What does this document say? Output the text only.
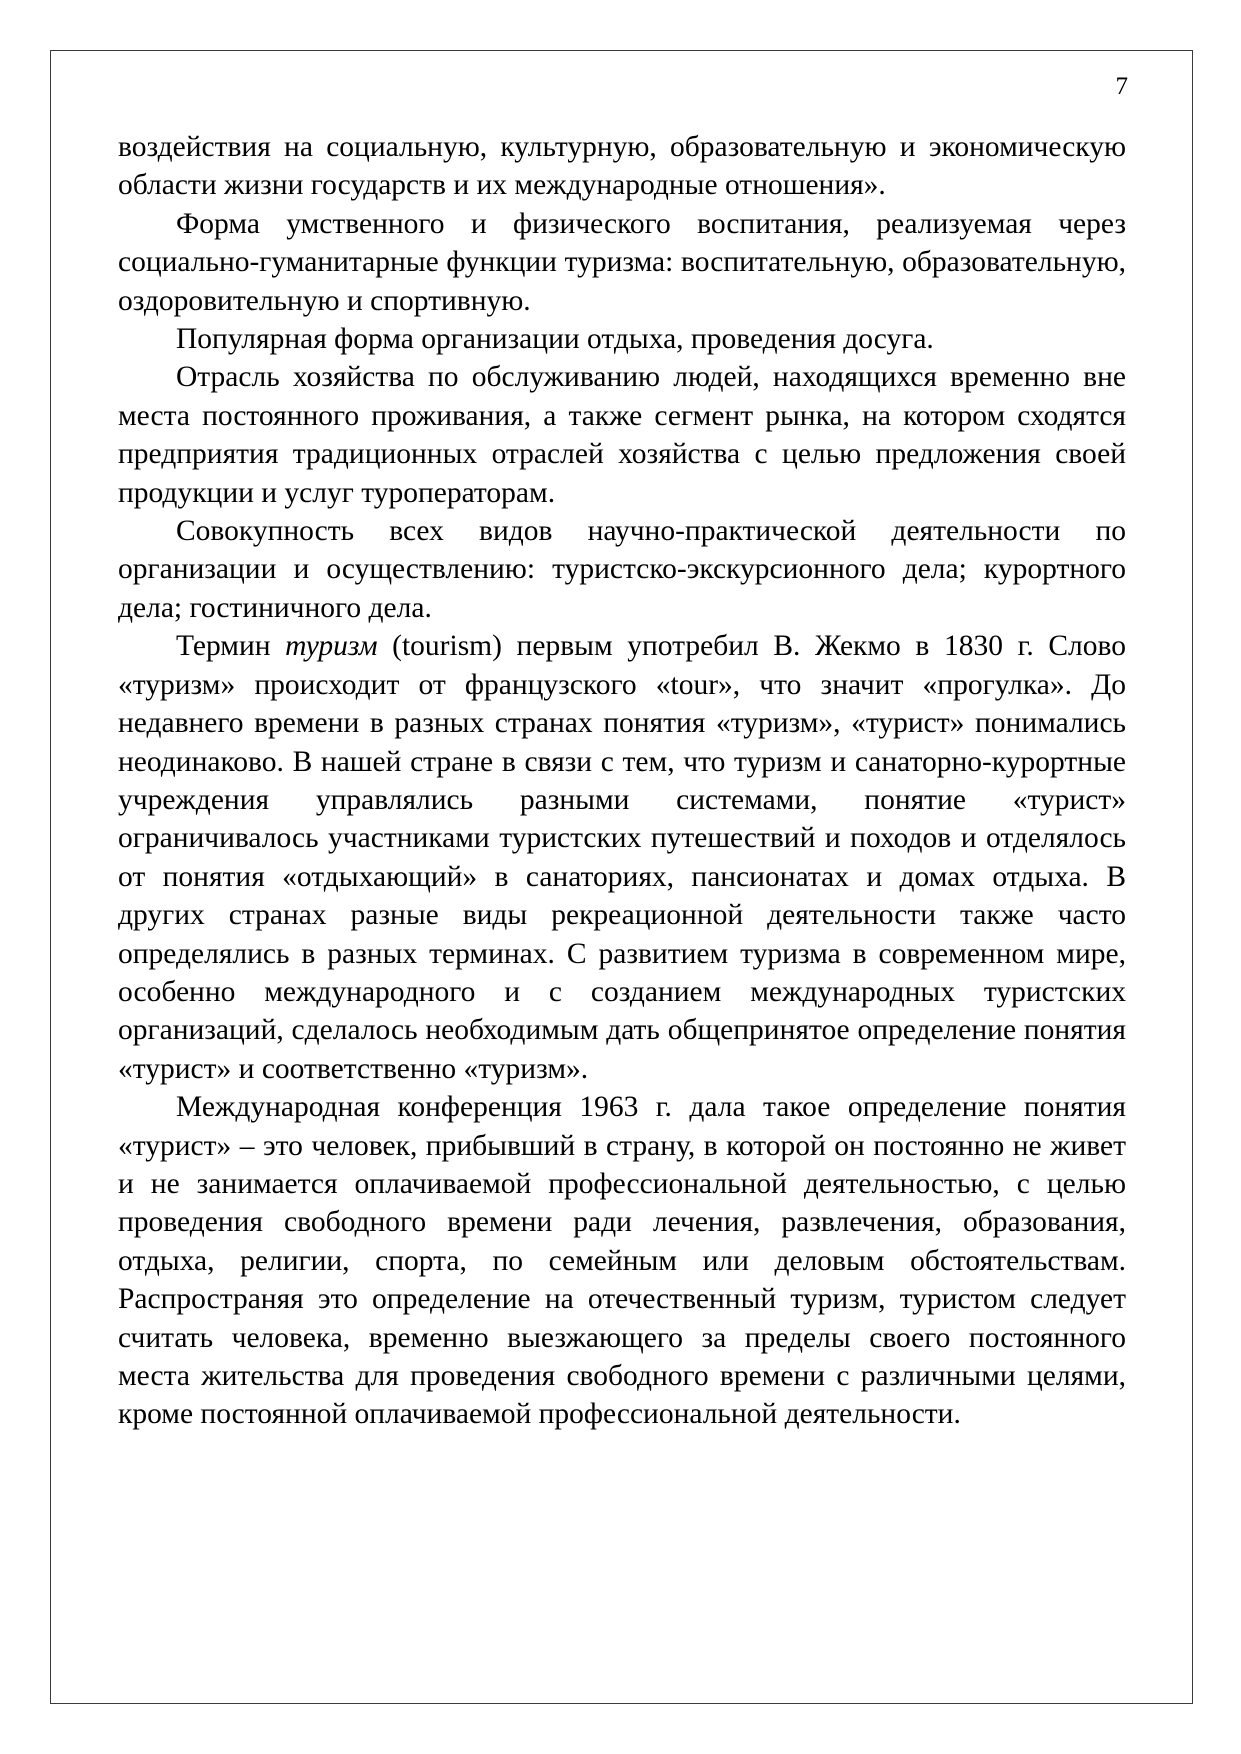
7

воздействия на социальную, культурную, образовательную и экономическую области жизни государств и их международные отношения».

Форма умственного и физического воспитания, реализуемая через социально-гуманитарные функции туризма: воспитательную, образовательную, оздоровительную и спортивную.

Популярная форма организации отдыха, проведения досуга.

Отрасль хозяйства по обслуживанию людей, находящихся временно вне места постоянного проживания, а также сегмент рынка, на котором сходятся предприятия традиционных отраслей хозяйства с целью предложения своей продукции и услуг туроператорам.

Совокупность всех видов научно-практической деятельности по организации и осуществлению: туристско-экскурсионного дела; курортного дела; гостиничного дела.

Термин туризм (tourism) первым употребил В. Жекмо в 1830 г. Слово «туризм» происходит от французского «tour», что значит «прогулка». До недавнего времени в разных странах понятия «туризм», «турист» понимались неодинаково. В нашей стране в связи с тем, что туризм и санаторно-курортные учреждения управлялись разными системами, понятие «турист» ограничивалось участниками туристских путешествий и походов и отделялось от понятия «отдыхающий» в санаториях, пансионатах и домах отдыха. В других странах разные виды рекреационной деятельности также часто определялись в разных терминах. С развитием туризма в современном мире, особенно международного и с созданием международных туристских организаций, сделалось необходимым дать общепринятое определение понятия «турист» и соответственно «туризм».

Международная конференция 1963 г. дала такое определение понятия «турист» – это человек, прибывший в страну, в которой он постоянно не живет и не занимается оплачиваемой профессиональной деятельностью, с целью проведения свободного времени ради лечения, развлечения, образования, отдыха, религии, спорта, по семейным или деловым обстоятельствам. Распространяя это определение на отечественный туризм, туристом следует считать человека, временно выезжающего за пределы своего постоянного места жительства для проведения свободного времени с различными целями, кроме постоянной оплачиваемой профессиональной деятельности.
